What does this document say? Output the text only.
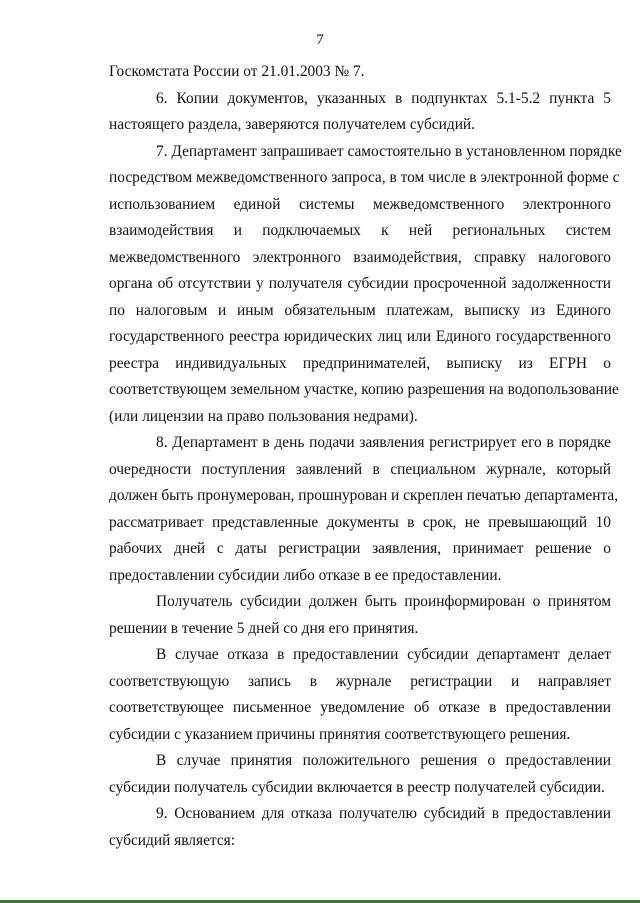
7
Госкомстата России от 21.01.2003 № 7.
6. Копии документов, указанных в подпунктах 5.1-5.2 пункта 5
настоящего раздела, заверяются получателем субсидий.
7. Департамент запрашивает самостоятельно в установленном порядке
посредством межведомственного запроса, в том числе в электронной форме с
использованием единой системы межведомственного электронного
взаимодействия и подключаемых к ней региональных систем
межведомственного электронного взаимодействия, справку налогового
органа об отсутствии у получателя субсидии просроченной задолженности
по налоговым и иным обязательным платежам, выписку из Единого
государственного реестра юридических лиц или Единого государственного
реестра индивидуальных предпринимателей, выписку из ЕГРН о
соответствующем земельном участке, копию разрешения на водопользование
(или лицензии на право пользования недрами).
8. Департамент в день подачи заявления регистрирует его в порядке
очередности поступления заявлений в специальном журнале, который
должен быть пронумерован, прошнурован и скреплен печатью департамента,
рассматривает представленные документы в срок, не превышающий 10
рабочих дней с даты регистрации заявления, принимает решение о
предоставлении субсидии либо отказе в ее предоставлении.
Получатель субсидии должен быть проинформирован о принятом
решении в течение 5 дней со дня его принятия.
В случае отказа в предоставлении субсидии департамент делает
соответствующую запись в журнале регистрации и направляет
соответствующее письменное уведомление об отказе в предоставлении
субсидии с указанием причины принятия соответствующего решения.
В случае принятия положительного решения о предоставлении
субсидии получатель субсидии включается в реестр получателей субсидии.
9. Основанием для отказа получателю субсидий в предоставлении
субсидий является:
